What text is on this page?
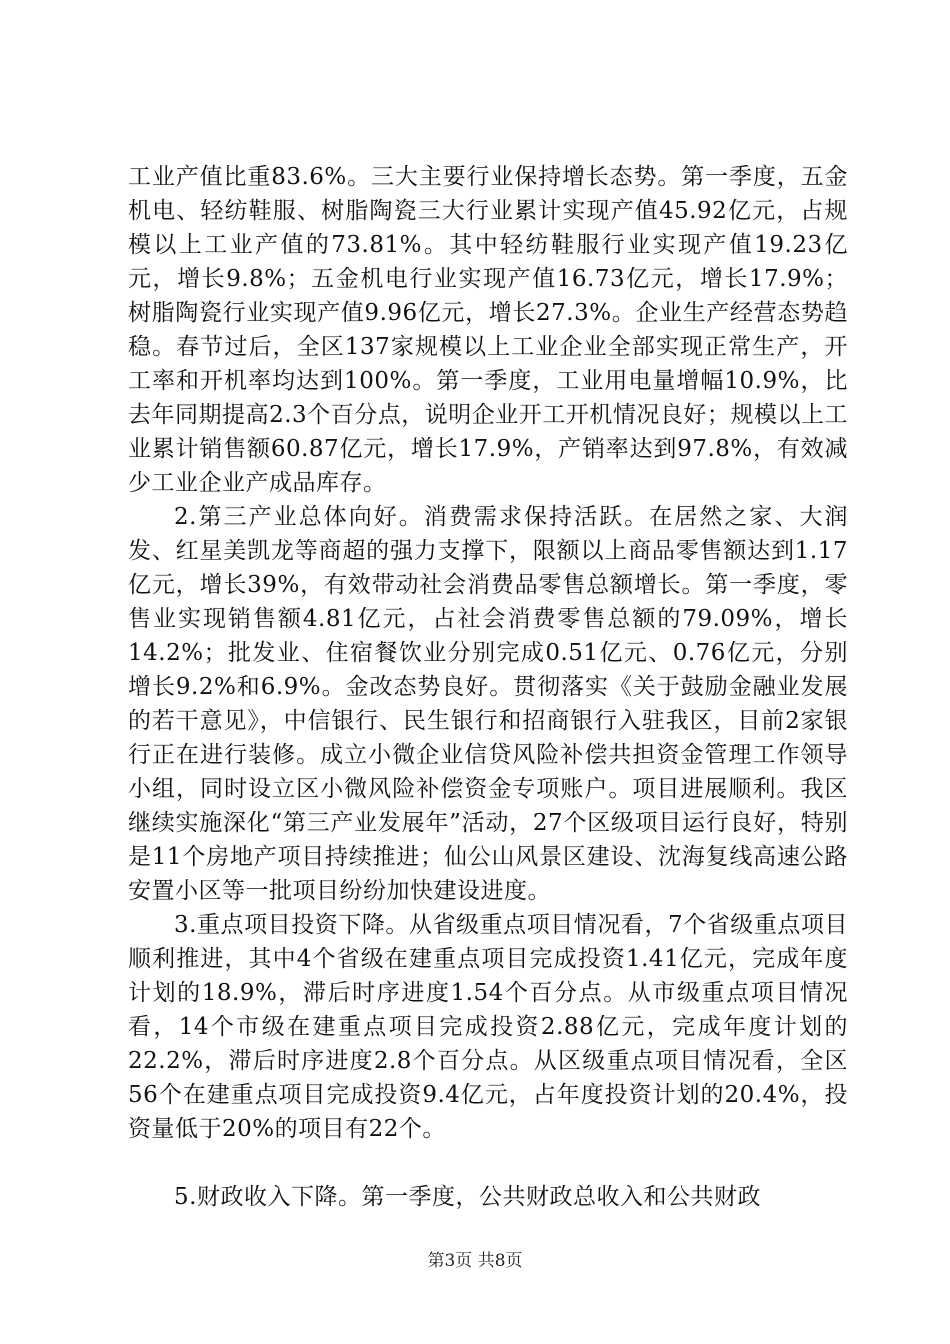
工业产值比重83.6%。三大主要行业保持增长态势。第一季度，五金机电、轻纺鞋服、树脂陶瓷三大行业累计实现产值45.92亿元，占规模以上工业产值的73.81%。其中轻纺鞋服行业实现产值19.23亿元，增长9.8%；五金机电行业实现产值16.73亿元，增长17.9%；树脂陶瓷行业实现产值9.96亿元，增长27.3%。企业生产经营态势趋稳。春节过后，全区137家规模以上工业企业全部实现正常生产，开工率和开机率均达到100%。第一季度，工业用电量增幅10.9%，比去年同期提高2.3个百分点，说明企业开工开机情况良好；规模以上工业累计销售额60.87亿元，增长17.9%，产销率达到97.8%，有效减少工业企业产成品库存。

2.第三产业总体向好。消费需求保持活跃。在居然之家、大润发、红星美凯龙等商超的强力支撑下，限额以上商品零售额达到1.17亿元，增长39%，有效带动社会消费品零售总额增长。第一季度，零售业实现销售额4.81亿元，占社会消费零售总额的79.09%，增长14.2%；批发业、住宿餐饮业分别完成0.51亿元、0.76亿元，分别增长9.2%和6.9%。金改态势良好。贯彻落实《关于鼓励金融业发展的若干意见》，中信银行、民生银行和招商银行入驻我区，目前2家银行正在进行装修。成立小微企业信贷风险补偿共担资金管理工作领导小组，同时设立区小微风险补偿资金专项账户。项目进展顺利。我区继续实施深化“第三产业发展年”活动，27个区级项目运行良好，特别是11个房地产项目持续推进；仙公山风景区建设、沈海复线高速公路安置小区等一批项目纷纷加快建设进度。

3.重点项目投资下降。从省级重点项目情况看，7个省级重点项目顺利推进，其中4个省级在建重点项目完成投资1.41亿元，完成年度计划的18.9%，滞后时序进度1.54个百分点。从市级重点项目情况看，14个市级在建重点项目完成投资2.88亿元，完成年度计划的22.2%，滞后时序进度2.8个百分点。从区级重点项目情况看，全区56个在建重点项目完成投资9.4亿元，占年度投资计划的20.4%，投资量低于20%的项目有22个。

5.财政收入下降。第一季度，公共财政总收入和公共财政

第3页 共8页
